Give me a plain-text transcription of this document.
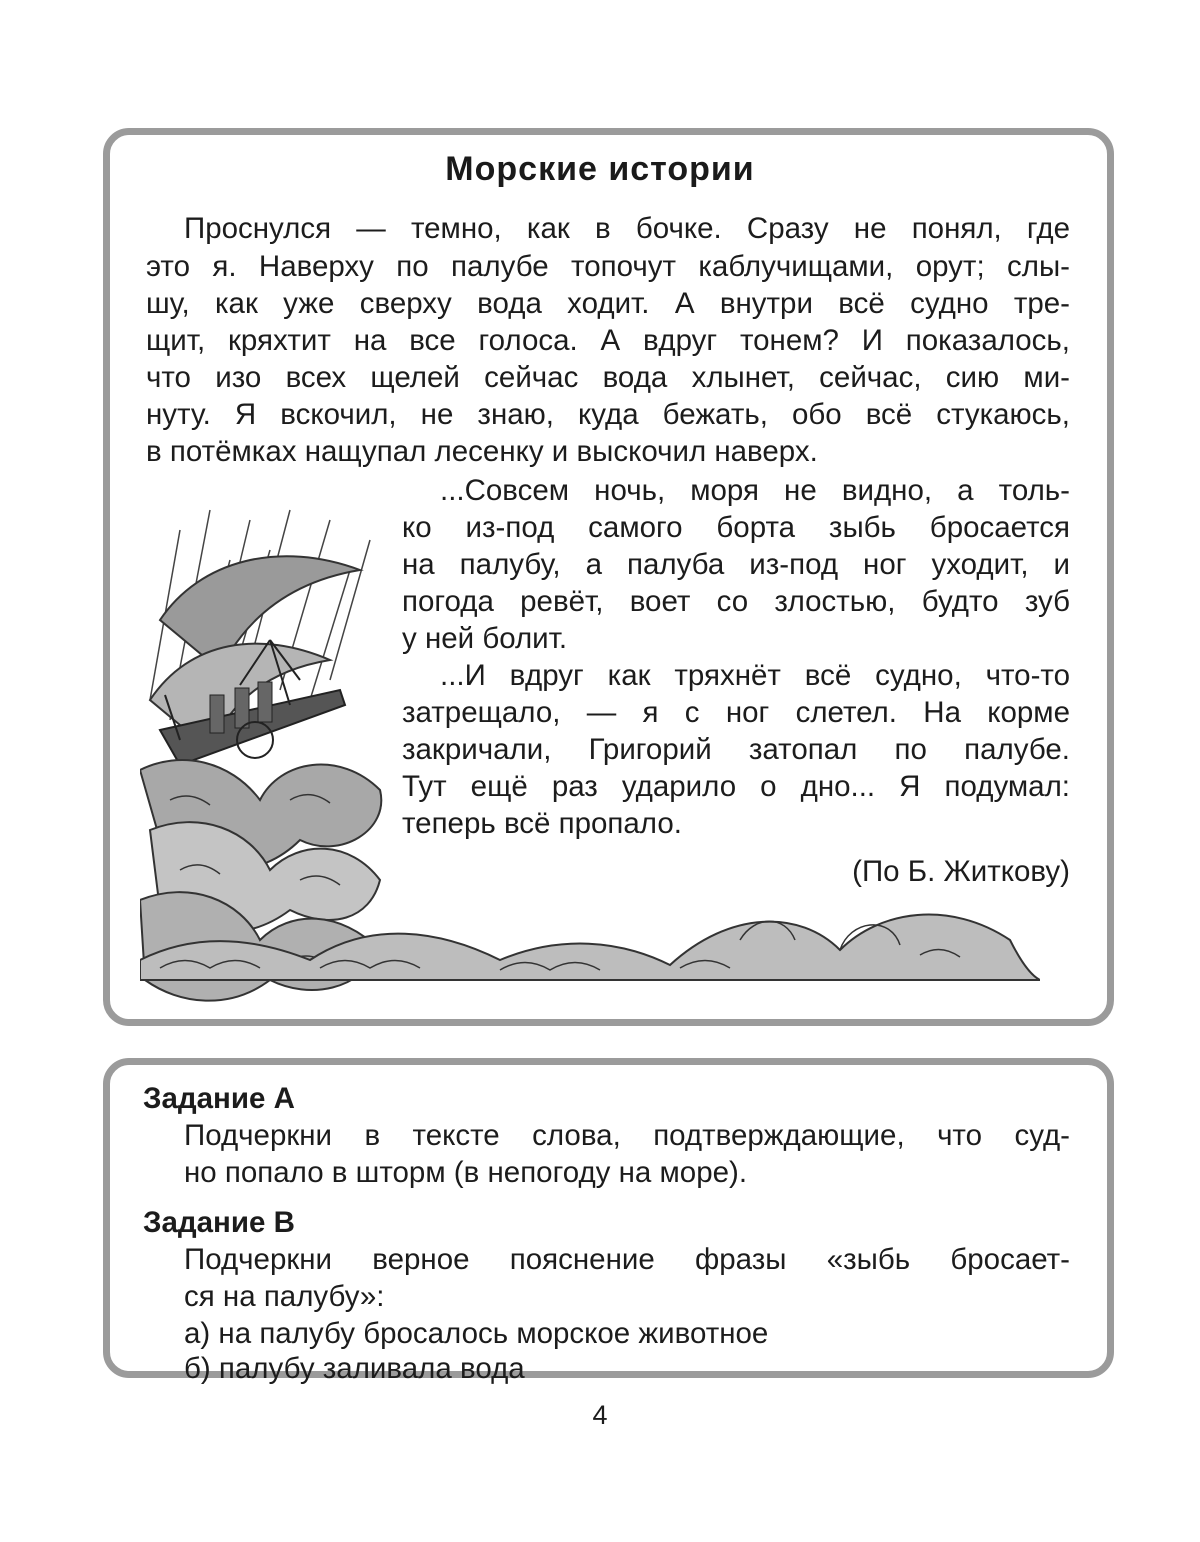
Морские истории
Проснулся — темно, как в бочке. Сразу не понял, где
это я. Наверху по палубе топочут каблучищами, орут; слы-
шу, как уже сверху вода ходит. А внутри всё судно тре-
щит, кряхтит на все голоса. А вдруг тонем? И показалось,
что изо всех щелей сейчас вода хлынет, сейчас, сию ми-
нуту. Я вскочил, не знаю, куда бежать, обо всё стукаюсь,
в потёмках нащупал лесенку и выскочил наверх.
...Совсем ночь, моря не видно, а толь-
ко из-под самого борта зыбь бросается
на палубу, а палуба из-под ног уходит, и
погода ревёт, воет со злостью, будто зуб
у ней болит.
...И вдруг как тряхнёт всё судно, что-то
затрещало, — я с ног слетел. На корме
закричали, Григорий затопал по палубе.
Тут ещё раз ударило о дно... Я подумал:
теперь всё пропало.
(По Б. Житкову)
Задание А
Подчеркни в тексте слова, подтверждающие, что суд-
но попало в шторм (в непогоду на море).
Задание В
Подчеркни верное пояснение фразы «зыбь бросает-
ся на палубу»:
а) на палубу бросалось морское животное
б) палубу заливала вода
4
